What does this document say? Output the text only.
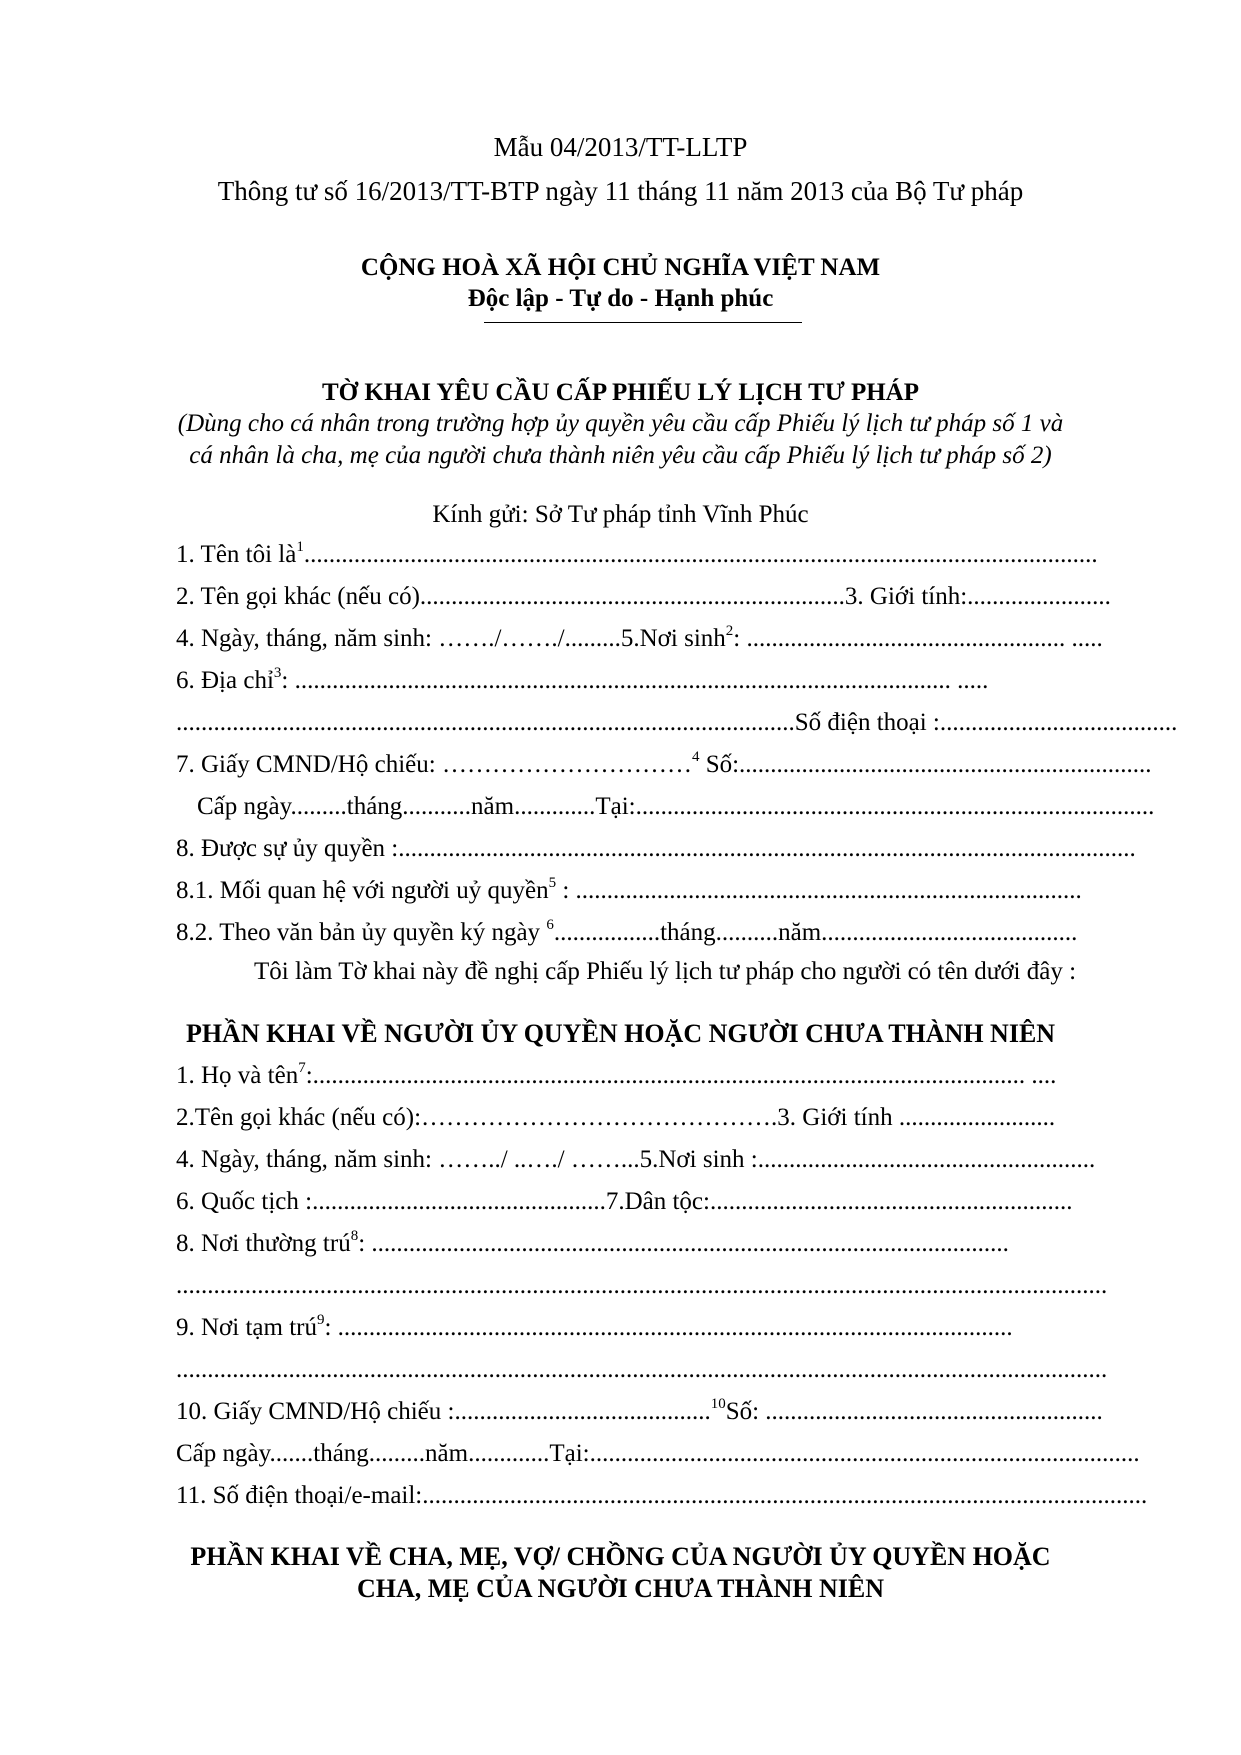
Mẫu 04/2013/TT-LLTP
Thông tư số 16/2013/TT-BTP ngày 11 tháng 11 năm 2013 của Bộ Tư pháp
CỘNG HOÀ XÃ HỘI CHỦ NGHĨA VIỆT NAM
Độc lập - Tự do - Hạnh phúc
TỜ KHAI YÊU CẦU CẤP PHIẾU LÝ LỊCH TƯ PHÁP
(Dùng cho cá nhân trong trường hợp ủy quyền yêu cầu cấp Phiếu lý lịch tư pháp số 1 và
cá nhân là cha, mẹ của người chưa thành niên yêu cầu cấp Phiếu lý lịch tư pháp số 2)
Kính gửi: Sở Tư pháp tỉnh Vĩnh Phúc
1. Tên tôi $là^1$...............................................................................................................................
2. Tên gọi khác (nếu có)....................................................................3. Giới tính:.......................
4. Ngày, tháng, năm sinh: ……./……./.........5.Nơi $\sinh^2$: ................................................... .....
6. Địa chỉ$^3$: ......................................................................................................... .....
...................................................................................................Số điện thoại :......................................
7. Giấy CMND/Hộ chiếu: …………………………$^4$ Số:..................................................................
Cấp ngày.........tháng...........năm.............Tại:...................................................................................
8. Được sự ủy quyền :......................................................................................................................
8.1. Mối quan hệ với người uỷ quyền$^5$ : .................................................................................
8.2. Theo văn bản ủy quyền ký ngày $^6$.................tháng..........năm.........................................
Tôi làm Tờ khai này đề nghị cấp Phiếu lý lịch tư pháp cho người có tên dưới đây :
PHẦN KHAI VỀ NGƯỜI ỦY QUYỀN HOẶC NGƯỜI CHƯA THÀNH NIÊN
1. Họ và tên$^7$:.................................................................................................................. ....
2.Tên gọi khác (nếu có):…………………………………….3. Giới tính .........................
4. Ngày, tháng, năm sinh: ……../ ..…./ ……...5.Nơi sinh :......................................................
6. Quốc tịch :...............................................7.Dân tộc:..........................................................
8. Nơi thường trú$^8$: ......................................................................................................
.....................................................................................................................................................
9. Nơi tạm trú$^9$: ............................................................................................................
.....................................................................................................................................................
10. Giấy CMND/Hộ chiếu :.........................................$^{10}$Số: ......................................................
Cấp ngày.......tháng.........năm.............Tại:........................................................................................
11. Số điện thoại/e-mail:....................................................................................................................
PHẦN KHAI VỀ CHA, MẸ, VỢ/ CHỒNG CỦA NGƯỜI ỦY QUYỀN HOẶC
CHA, MẸ CỦA NGƯỜI CHƯA THÀNH NIÊN
